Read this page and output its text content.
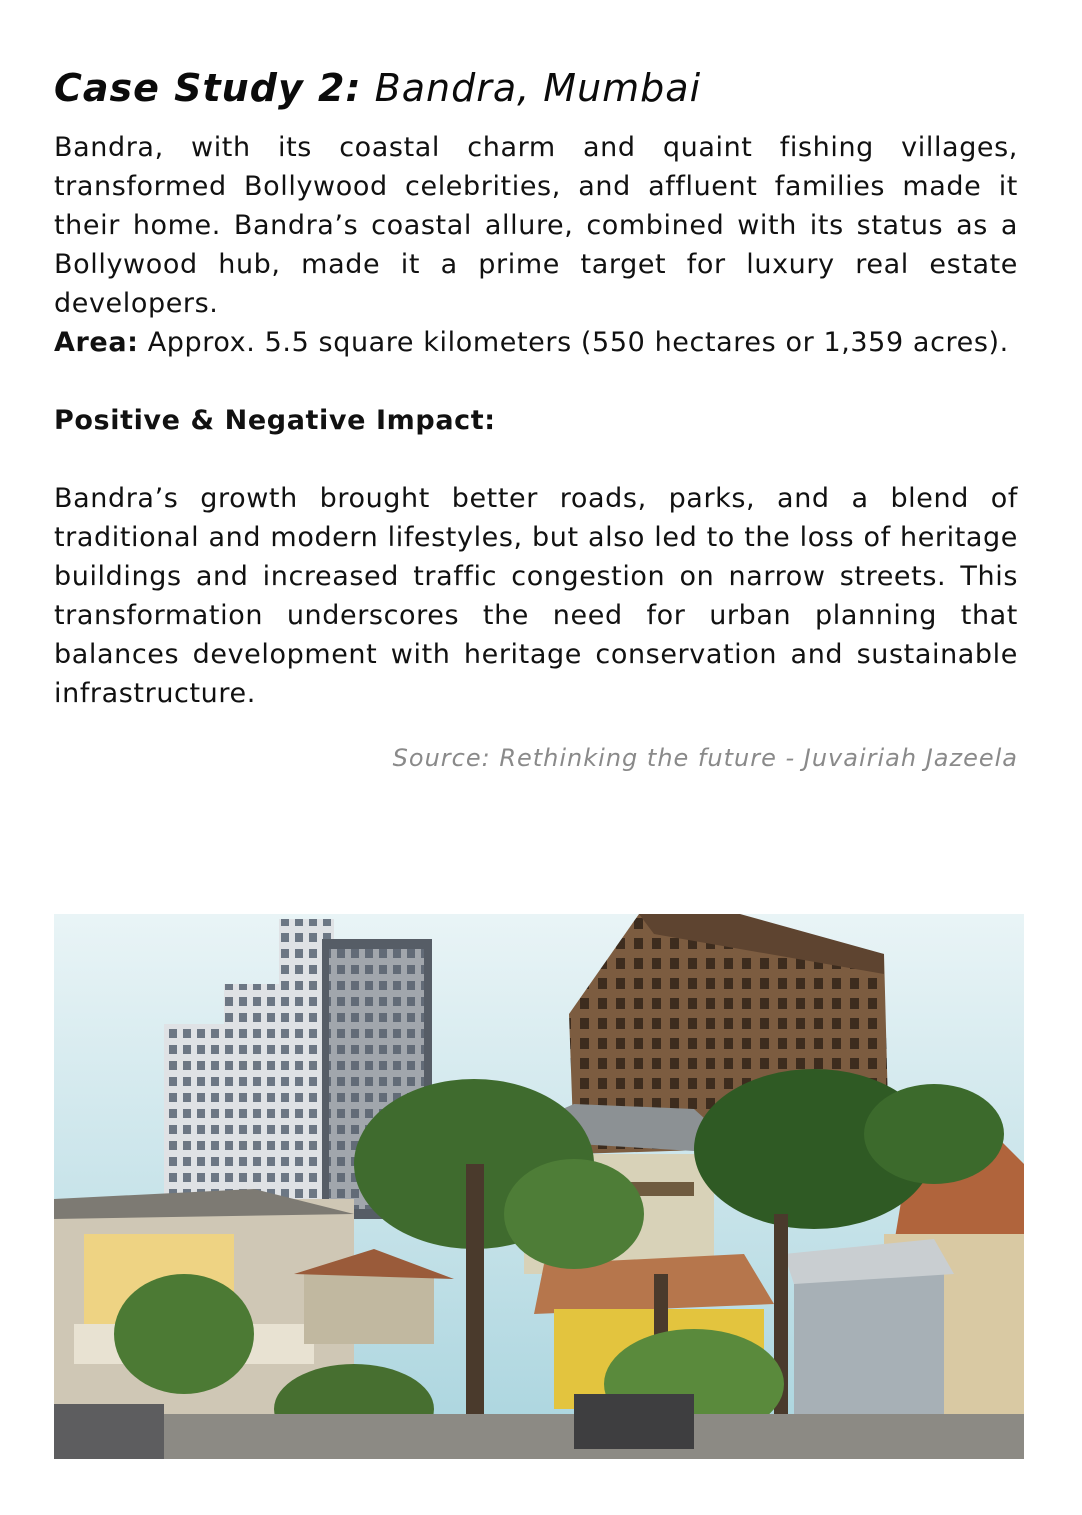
Case Study 2: Bandra, Mumbai

Bandra, with its coastal charm and quaint fishing villages, transformed Bollywood celebrities, and affluent families made it their home. Bandra’s coastal allure, combined with its status as a Bollywood hub, made it a prime target for luxury real estate developers.

Area: Approx. 5.5 square kilometers (550 hectares or 1,359 acres).

Positive & Negative Impact:

Bandra’s growth brought better roads, parks, and a blend of traditional and modern lifestyles, but also led to the loss of heritage buildings and increased traffic congestion on narrow streets. This transformation underscores the need for urban planning that balances development with heritage conservation and sustainable infrastructure.

Source: Rethinking the future - Juvairiah Jazeela
